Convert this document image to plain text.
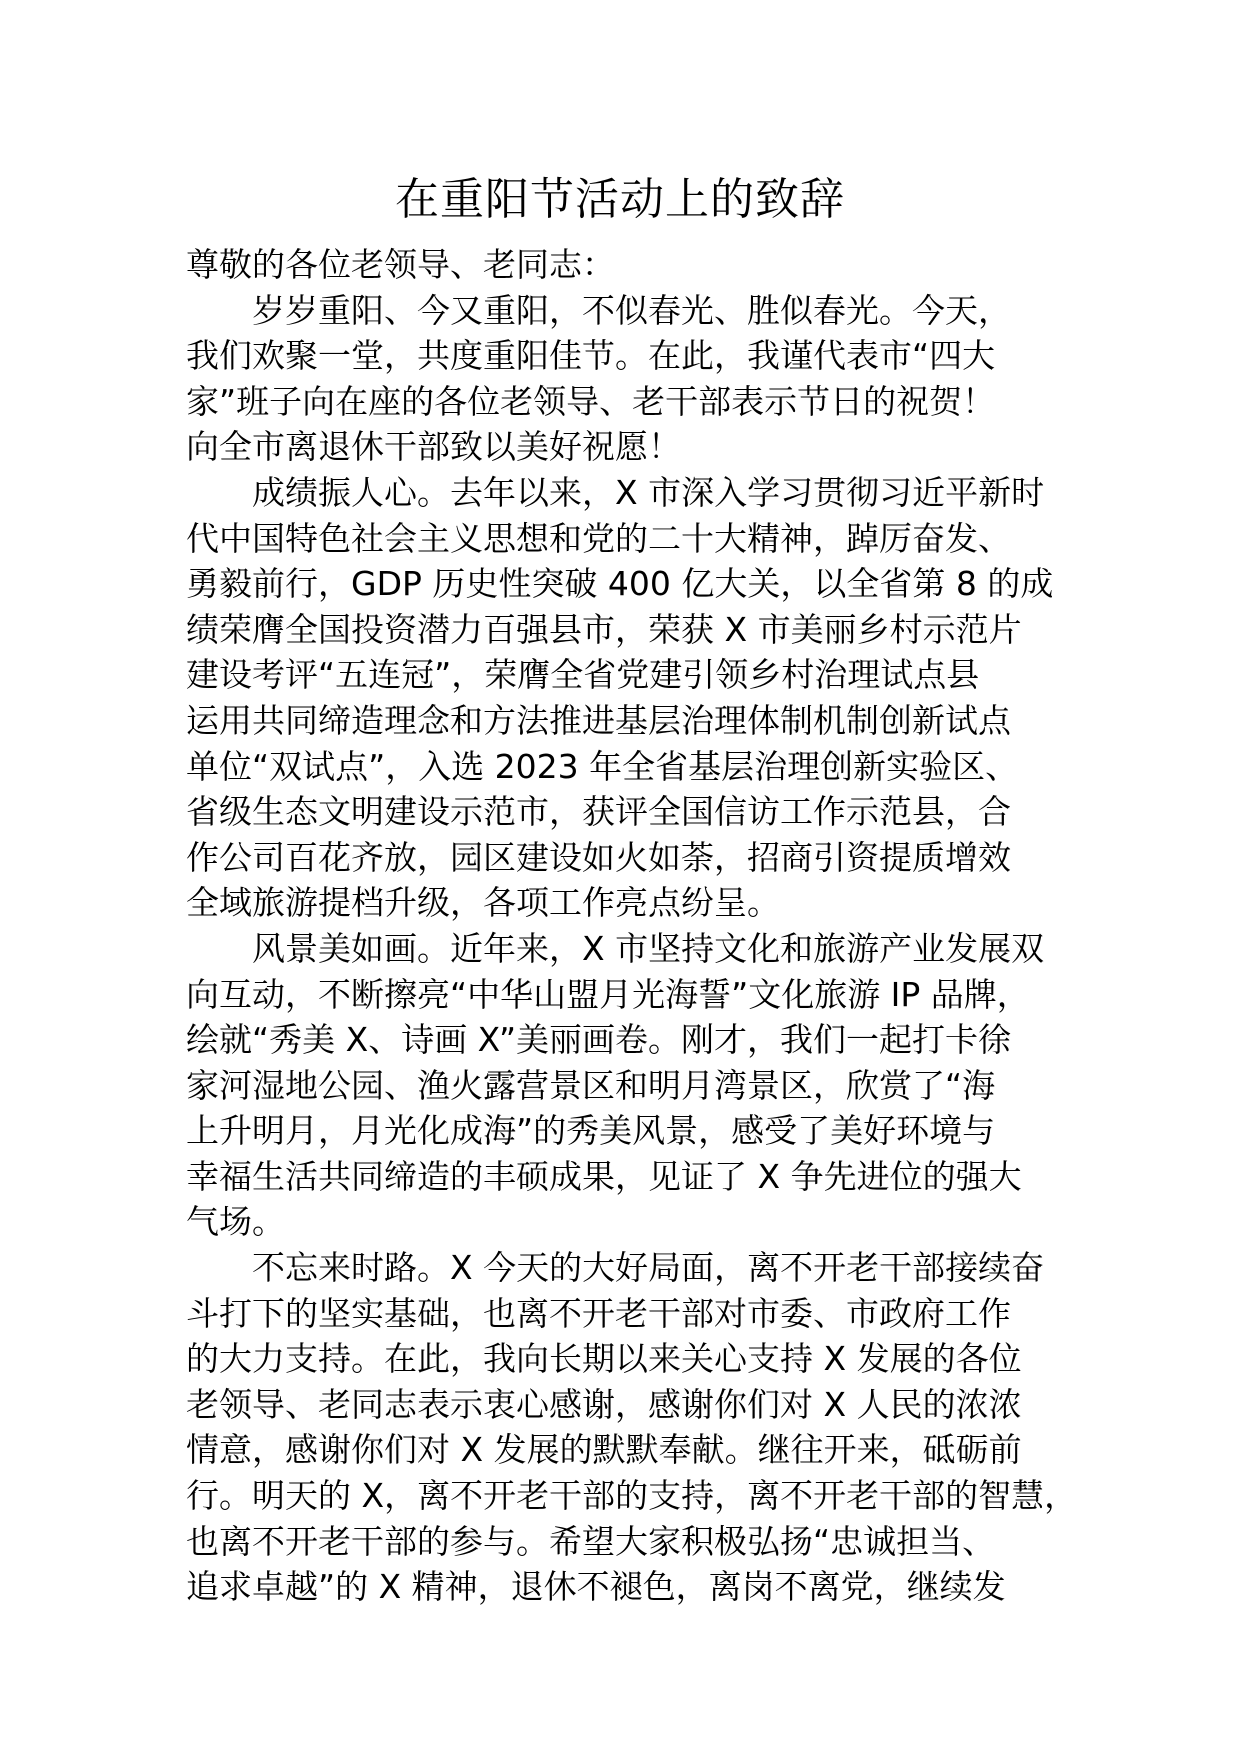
在重阳节活动上的致辞
尊敬的各位老领导、老同志：
　　岁岁重阳、今又重阳，不似春光、胜似春光。今天，
我们欢聚一堂，共度重阳佳节。在此，我谨代表市“四大
家”班子向在座的各位老领导、老干部表示节日的祝贺！
向全市离退休干部致以美好祝愿！
　　成绩振人心。去年以来，X 市深入学习贯彻习近平新时
代中国特色社会主义思想和党的二十大精神，踔厉奋发、
勇毅前行，GDP 历史性突破 400 亿大关，以全省第 8 的成
绩荣膺全国投资潜力百强县市，荣获 X 市美丽乡村示范片
建设考评“五连冠”，荣膺全省党建引领乡村治理试点县
运用共同缔造理念和方法推进基层治理体制机制创新试点
单位“双试点”，入选 2023 年全省基层治理创新实验区、
省级生态文明建设示范市，获评全国信访工作示范县，合
作公司百花齐放，园区建设如火如荼，招商引资提质增效
全域旅游提档升级，各项工作亮点纷呈。
　　风景美如画。近年来，X 市坚持文化和旅游产业发展双
向互动，不断擦亮“中华山盟月光海誓”文化旅游 IP 品牌，
绘就“秀美 X、诗画 X”美丽画卷。刚才，我们一起打卡徐
家河湿地公园、渔火露营景区和明月湾景区，欣赏了“海
上升明月，月光化成海”的秀美风景，感受了美好环境与
幸福生活共同缔造的丰硕成果，见证了 X 争先进位的强大
气场。
　　不忘来时路。X 今天的大好局面，离不开老干部接续奋
斗打下的坚实基础，也离不开老干部对市委、市政府工作
的大力支持。在此，我向长期以来关心支持 X 发展的各位
老领导、老同志表示衷心感谢，感谢你们对 X 人民的浓浓
情意，感谢你们对 X 发展的默默奉献。继往开来，砥砺前
行。明天的 X，离不开老干部的支持，离不开老干部的智慧，
也离不开老干部的参与。希望大家积极弘扬“忠诚担当、
追求卓越”的 X 精神，退休不褪色，离岗不离党，继续发
